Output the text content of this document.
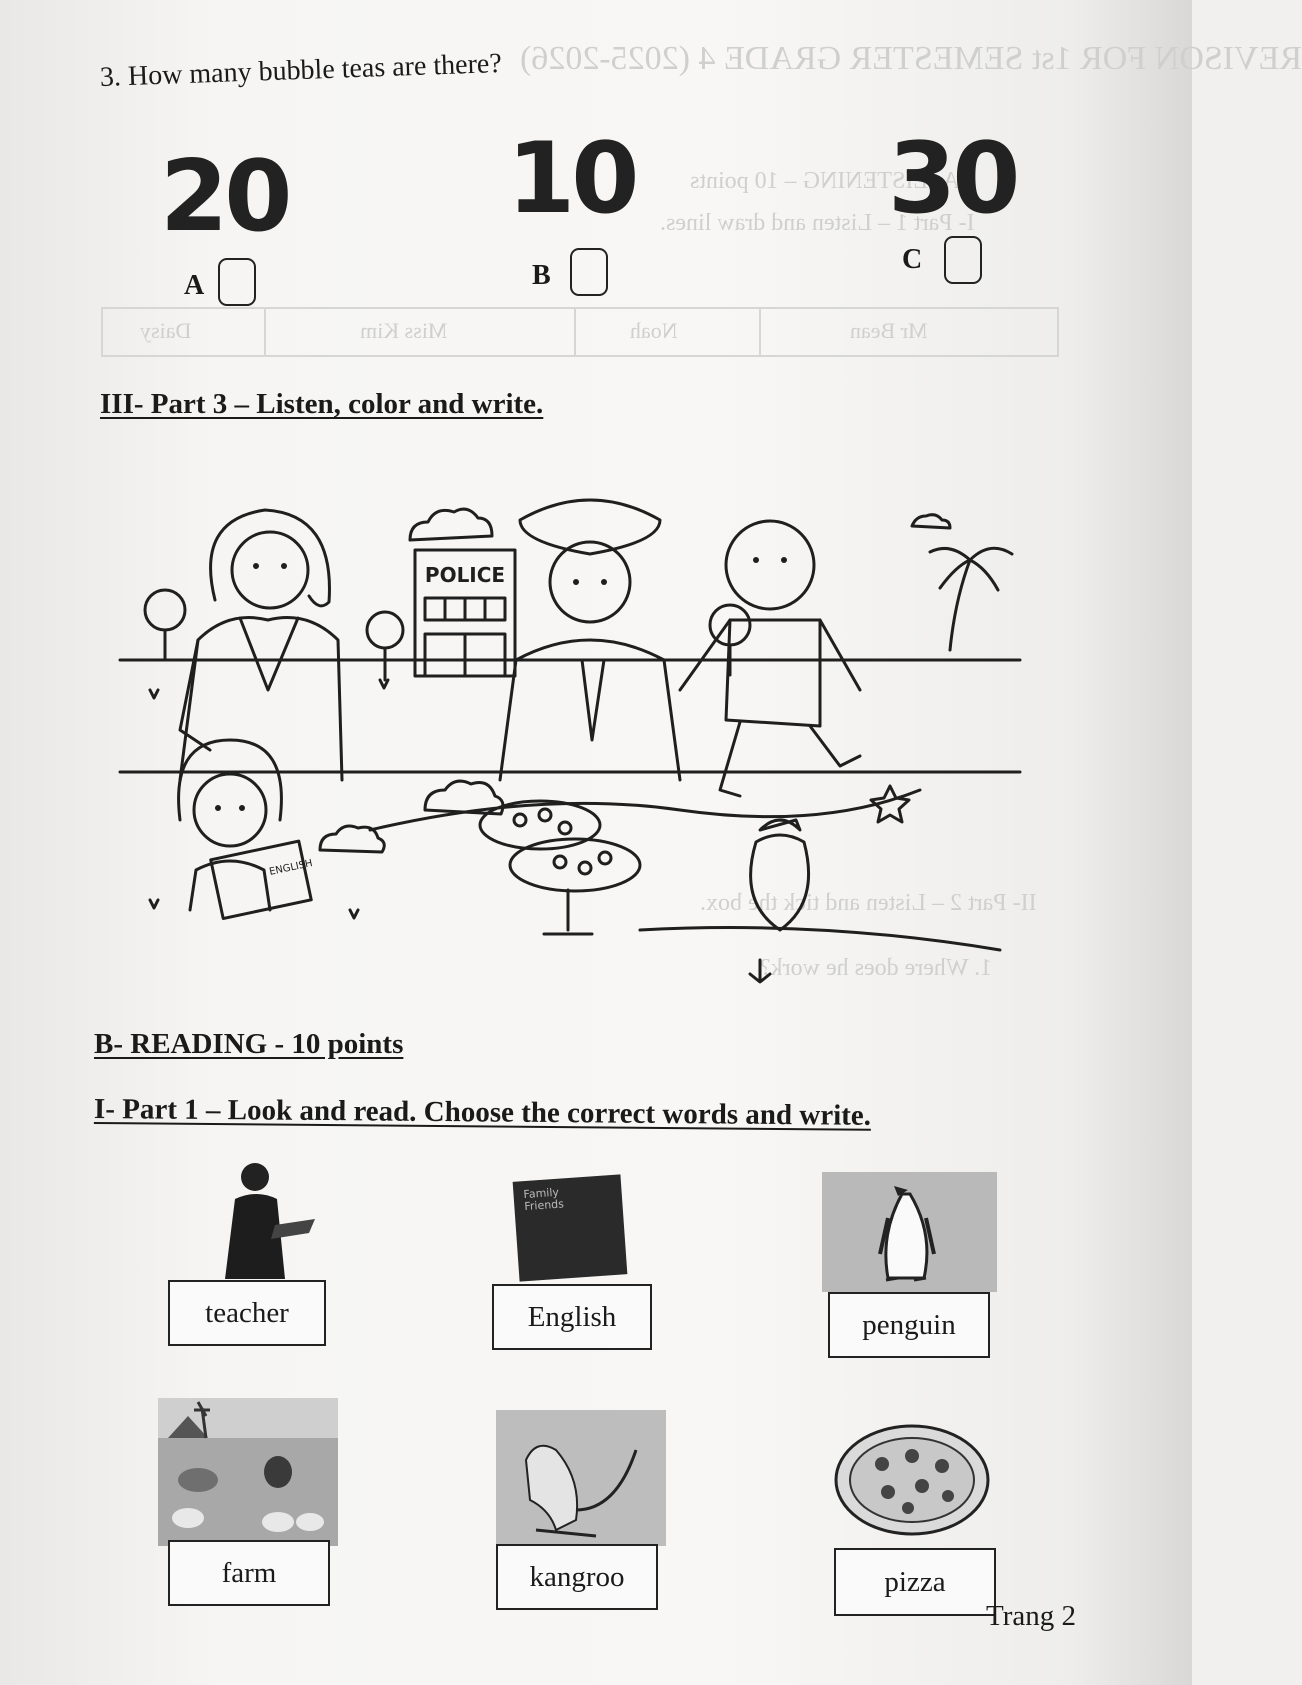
REVISON FOR 1st SEMESTER GRADE 4 (2025-2026)
A- LISTENING – 10 points
I- Part 1 – Listen and draw lines.
II- Part 2 – Listen and tick the box.
1. Where does he work?
Daisy	Miss Kim	Noah	Mr Bean
3. How many bubble teas are there?
20 10	30
A	B
C
III- Part 3 – Listen, color and write.
POLICE
ENGLISH
B- READING - 10 points
I- Part 1 – Look and read. Choose the correct words and write.
teacher
Family Friends
English	penguin
farm	kangroo	pizza
Trang 2
